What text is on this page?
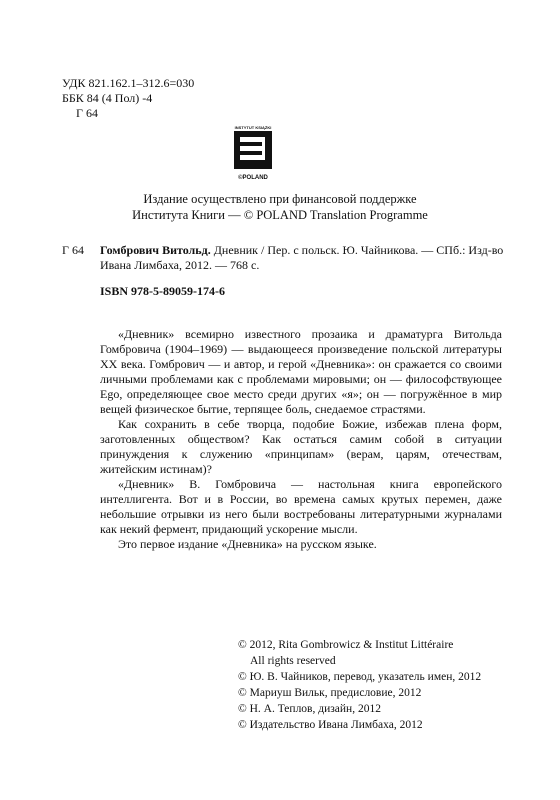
УДК 821.162.1–312.6=030
ББК 84 (4 Пол) -4
Г 64
INSTYTUT KSIĄŻKI
©POLAND
Издание осуществлено при финансовой поддержке
Института Книги — © POLAND Translation Programme
Г 64 Гомбрович Витольд. Дневник / Пер. с польск. Ю. Чайникова. — СПб.: Изд-во
Ивана Лимбаха, 2012. — 768 с.
ISBN 978-5-89059-174-6

«Дневник» всемирно известного прозаика и драматурга Витольда Гомбровича (1904–1969) — выдающееся произведение польской литературы XX века. Гомбрович — и автор, и герой «Дневника»: он сражается со своими личными проблемами как с проблемами мировыми; он — философствующее Ego, определяющее свое место среди других «я»; он — погружённое в мир вещей физическое бытие, терпящее боль, снедаемое страстями.

Как сохранить в себе творца, подобие Божие, избежав плена форм, заготовленных обществом? Как остаться самим собой в ситуации принуждения к служению «принципам» (верам, царям, отечествам, житейским истинам)?

«Дневник» В. Гомбровича — настольная книга европейского интеллигента. Вот и в России, во времена самых крутых перемен, даже небольшие отрывки из него были востребованы литературными журналами как некий фермент, придающий ускорение мысли.

Это первое издание «Дневника» на русском языке.

© 2012, Rita Gombrowicz & Institut Littéraire
All rights reserved
© Ю. В. Чайников, перевод, указатель имен, 2012
© Мариуш Вильк, предисловие, 2012
© Н. А. Теплов, дизайн, 2012
© Издательство Ивана Лимбаха, 2012
